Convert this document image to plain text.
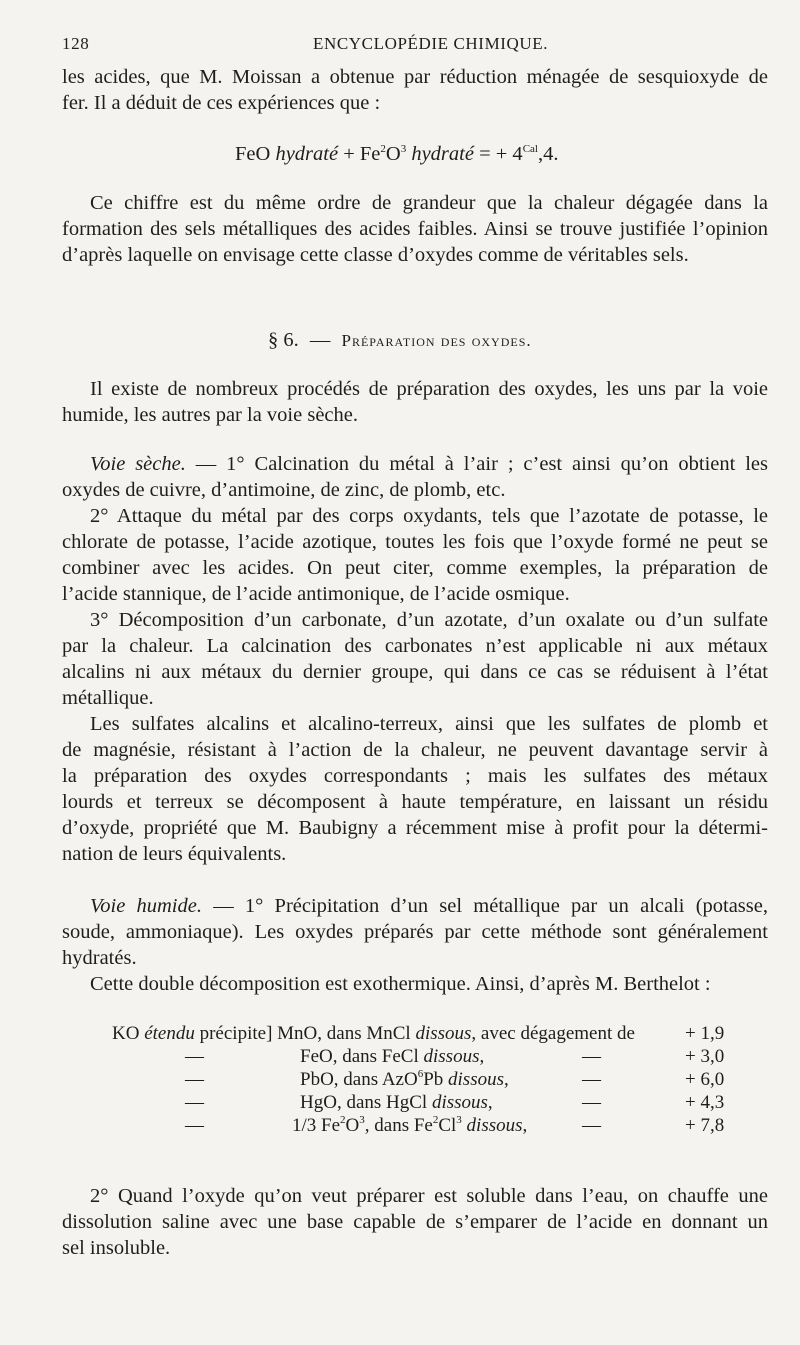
128	ENCYCLOPÉDIE CHIMIQUE.
les acides, que M. Moissan a obtenue par réduction ménagée de sesquioxyde de
fer. Il a déduit de ces expériences que :
FeO hydraté + $Fe^2O^3$ hydraté = + $4^{Cal},4$.
Ce chiffre est du même ordre de grandeur que la chaleur dégagée dans la
formation des sels métalliques des acides faibles. Ainsi se trouve justifiée l’opinion
d’après laquelle on envisage cette classe d’oxydes comme de véritables sels.
§ 6. — Préparation des oxydes.
Il existe de nombreux procédés de préparation des oxydes, les uns par la voie
humide, les autres par la voie sèche.
Voie sèche. — 1° Calcination du métal à l’air ; c’est ainsi qu’on obtient les
oxydes de cuivre, d’antimoine, de zinc, de plomb, etc.
2° Attaque du métal par des corps oxydants, tels que l’azotate de potasse, le
chlorate de potasse, l’acide azotique, toutes les fois que l’oxyde formé ne peut se
combiner avec les acides. On peut citer, comme exemples, la préparation de
l’acide stannique, de l’acide antimonique, de l’acide osmique.
3° Décomposition d’un carbonate, d’un azotate, d’un oxalate ou d’un sulfate
par la chaleur. La calcination des carbonates n’est applicable ni aux métaux
alcalins ni aux métaux du dernier groupe, qui dans ce cas se réduisent à l’état
métallique.
Les sulfates alcalins et alcalino-terreux, ainsi que les sulfates de plomb et
de magnésie, résistant à l’action de la chaleur, ne peuvent davantage servir à
la préparation des oxydes correspondants ; mais les sulfates des métaux
lourds et terreux se décomposent à haute température, en laissant un résidu
d’oxyde, propriété que M. Baubigny a récemment mise à profit pour la détermi-
nation de leurs équivalents.
Voie humide. — 1° Précipitation d’un sel métallique par un alcali (potasse,
soude, ammoniaque). Les oxydes préparés par cette méthode sont généralement
hydratés.
Cette double décomposition est exothermique. Ainsi, d’après M. Berthelot :
KO étendu précipite] MnO, dans MnCl dissous, avec dégagement de	+ 1,9
—	FeO, dans FeCl dissous,	—	+ 3,0
—	PbO, dans AzO$^6$Pb dissous,	—	+ 6,0
—	HgO, dans HgCl dissous,	—	+ 4,3
—	1/3 $Fe^2O^3$, dans Fe$^2$Cl$^3$ dissous,	—	+ 7,8
2° Quand l’oxyde qu’on veut préparer est soluble dans l’eau, on chauffe une
dissolution saline avec une base capable de s’emparer de l’acide en donnant un
sel insoluble.
